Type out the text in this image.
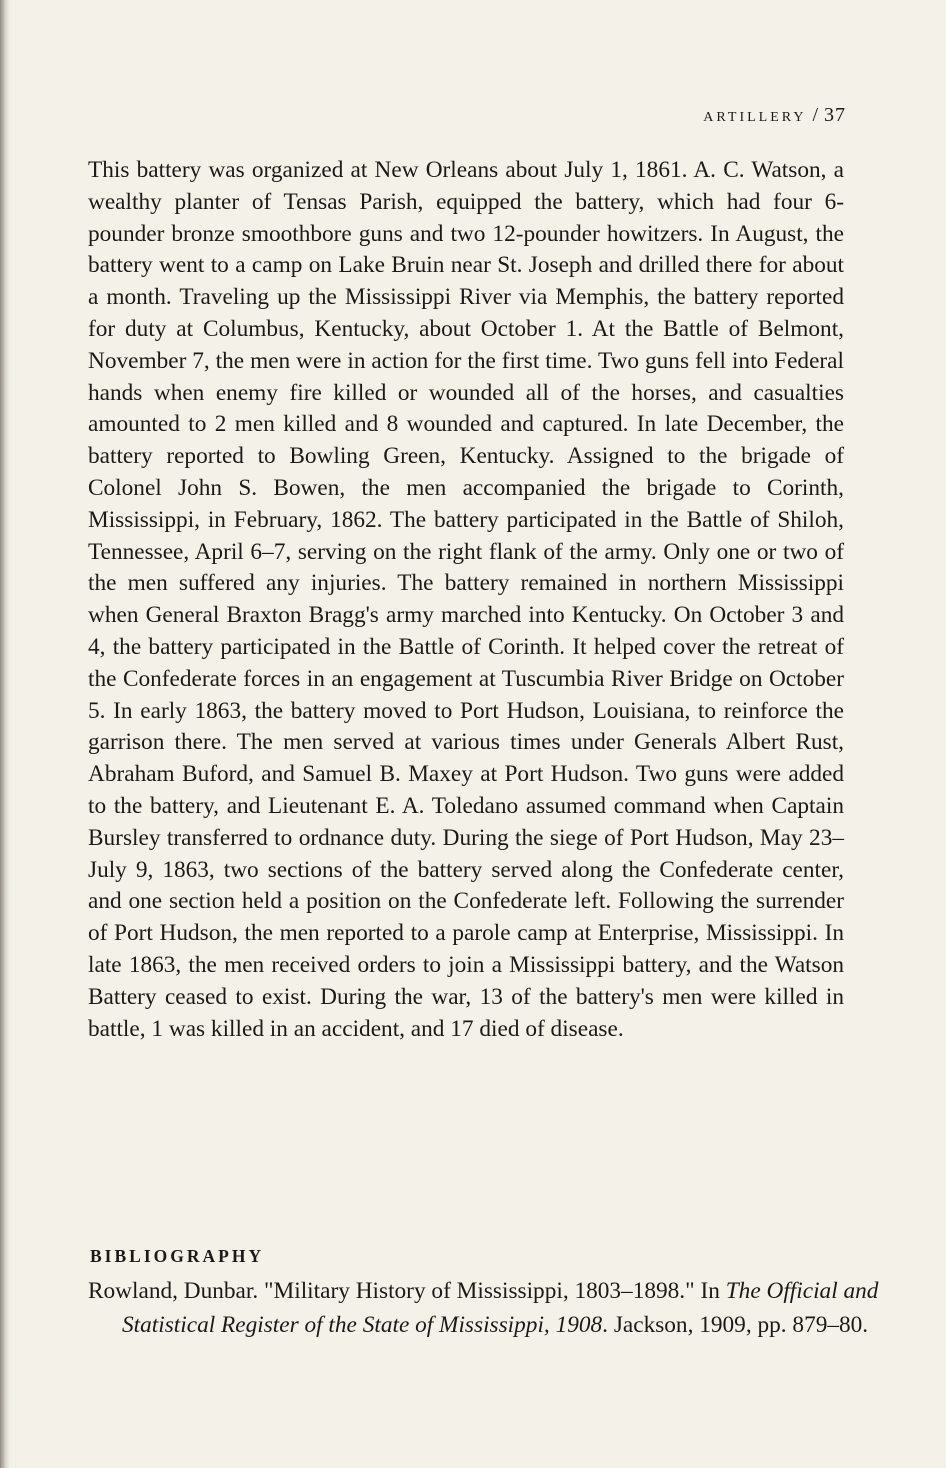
artillery / 37

This battery was organized at New Orleans about July 1, 1861. A. C. Watson, a wealthy planter of Tensas Parish, equipped the battery, which had four 6-pounder bronze smoothbore guns and two 12-pounder howitzers. In August, the battery went to a camp on Lake Bruin near St. Joseph and drilled there for about a month. Traveling up the Mississippi River via Memphis, the battery reported for duty at Columbus, Kentucky, about October 1. At the Battle of Belmont, November 7, the men were in action for the first time. Two guns fell into Federal hands when enemy fire killed or wounded all of the horses, and casualties amounted to 2 men killed and 8 wounded and captured. In late December, the battery reported to Bowling Green, Kentucky. Assigned to the brigade of Colonel John S. Bowen, the men accompanied the brigade to Corinth, Mississippi, in February, 1862. The battery participated in the Battle of Shiloh, Tennessee, April 6–7, serving on the right flank of the army. Only one or two of the men suffered any injuries. The battery remained in northern Mississippi when General Braxton Bragg's army marched into Kentucky. On October 3 and 4, the battery participated in the Battle of Corinth. It helped cover the retreat of the Confederate forces in an engagement at Tuscumbia River Bridge on October 5. In early 1863, the battery moved to Port Hudson, Louisiana, to reinforce the garrison there. The men served at various times under Generals Albert Rust, Abraham Buford, and Samuel B. Maxey at Port Hudson. Two guns were added to the battery, and Lieutenant E. A. Toledano assumed command when Captain Bursley transferred to ordnance duty. During the siege of Port Hudson, May 23–July 9, 1863, two sections of the battery served along the Confederate center, and one section held a position on the Confederate left. Following the surrender of Port Hudson, the men reported to a parole camp at Enterprise, Mississippi. In late 1863, the men received orders to join a Mississippi battery, and the Watson Battery ceased to exist. During the war, 13 of the battery's men were killed in battle, 1 was killed in an accident, and 17 died of disease.

BIBLIOGRAPHY

Rowland, Dunbar. "Military History of Mississippi, 1803–1898." In The Official and Statistical Register of the State of Mississippi, 1908. Jackson, 1909, pp. 879–80.
